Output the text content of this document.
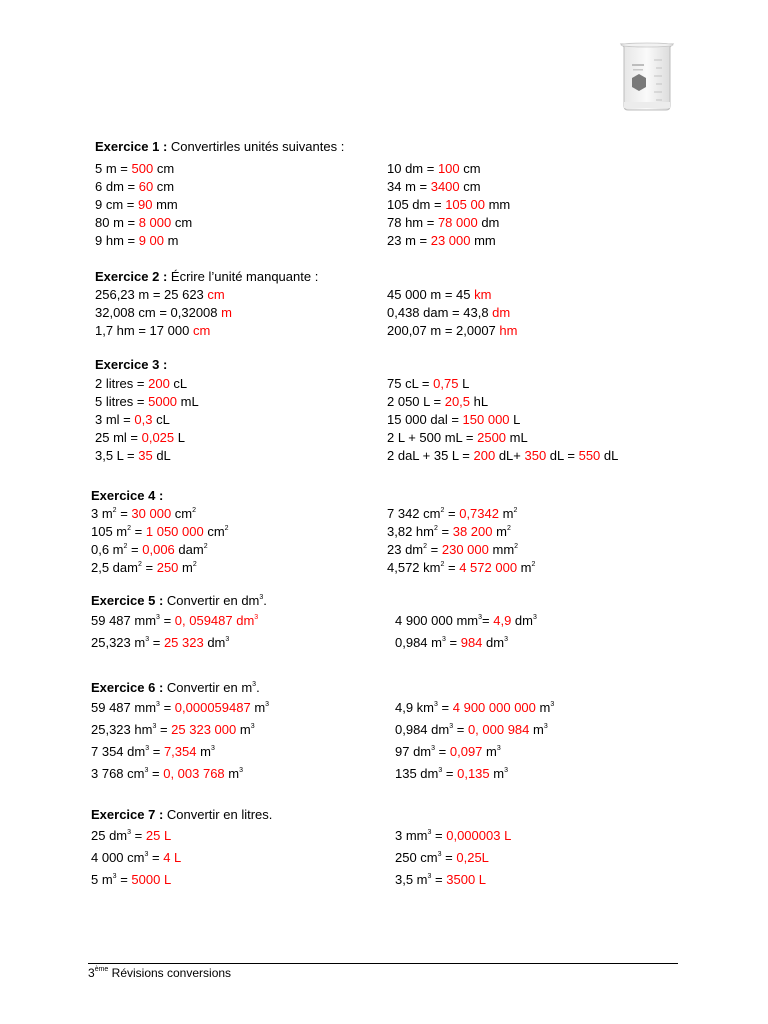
Exercice 1 : Convertirles unités suivantes :
5 m = 500 cm	10 dm = 100 cm
6 dm = 60 cm	34 m = 3400 cm
9 cm = 90 mm	105 dm = 105 00 mm
80 m = 8 000 cm	78 hm = 78 000 dm
9 hm = 9 00 m	23 m = 23 000 mm
Exercice 2 : Écrire l’unité manquante :
256,23 m = 25 623 cm	45 000 m = 45 km
32,008 cm = 0,32008 m	0,438 dam = 43,8 dm
1,7 hm = 17 000 cm	200,07 m = 2,0007 hm
Exercice 3 :
2 litres = 200 cL	75 cL = 0,75 L
5 litres = 5000 mL	2 050 L = 20,5 hL
3 ml = 0,3 cL	15 000 dal = 150 000 L
25 ml = 0,025 L	2 L + 500 mL = 2500 mL
3,5 L = 35 dL	2 daL + 35 L = 200 dL+ 350 dL = 550 dL
Exercice 4 :
3 $m^2 = 30$ 000 $cm^2$	7 342 $cm^2 = 0,7342$ $m^2$
105 $m^2 = 1$ 050 000 $cm^2$	3,82 $hm^2 = 38$ 200 $m^2$
0,6 $m^2 = 0,006$ dam$^2$	23 $dm^2 = 230$ 000 $mm^2$
2,5 dam$^2$ = 250 $m^2$	4,572 $km^2 = 4$ 572 000 $m^2$
Exercice 5 : Convertir en $dm^3$.
59 487 $mm^3 = 0$, 059487 $dm^3$	4 900 000 $mm^3= 4,9$ $dm^3$
25,323 $m^3 = 25$ 323 $dm^3$	0,984 $m^3 = 984$ $dm^3$
Exercice 6 : Convertir en $m^3$.
59 487 $mm^3 = 0,000059487$ $m^3$	4,9 $km^3 = 4$ 900 000 000 $m^3$
25,323 $hm^3 = 25$ 323 000 $m^3$	0,984 $dm^3 = 0$, 000 984 $m^3$
7 354 $dm^3 = 7,354$ $m^3$	97 $dm^3 = 0,097$ $m^3$
3 768 $cm^3 = 0$, 003 768 $m^3$	135 $dm^3 = 0,135$ $m^3$
Exercice 7 : Convertir en litres.
25 $dm^3 = 25$ L	3 $mm^3 = 0,000003$ L
4 000 $cm^3 = 4$ L	250 $cm^3 = 0,25L$
5 $m^3 = 5000$ L	3,5 $m^3 = 3500$ L
3ème Révisions conversions
